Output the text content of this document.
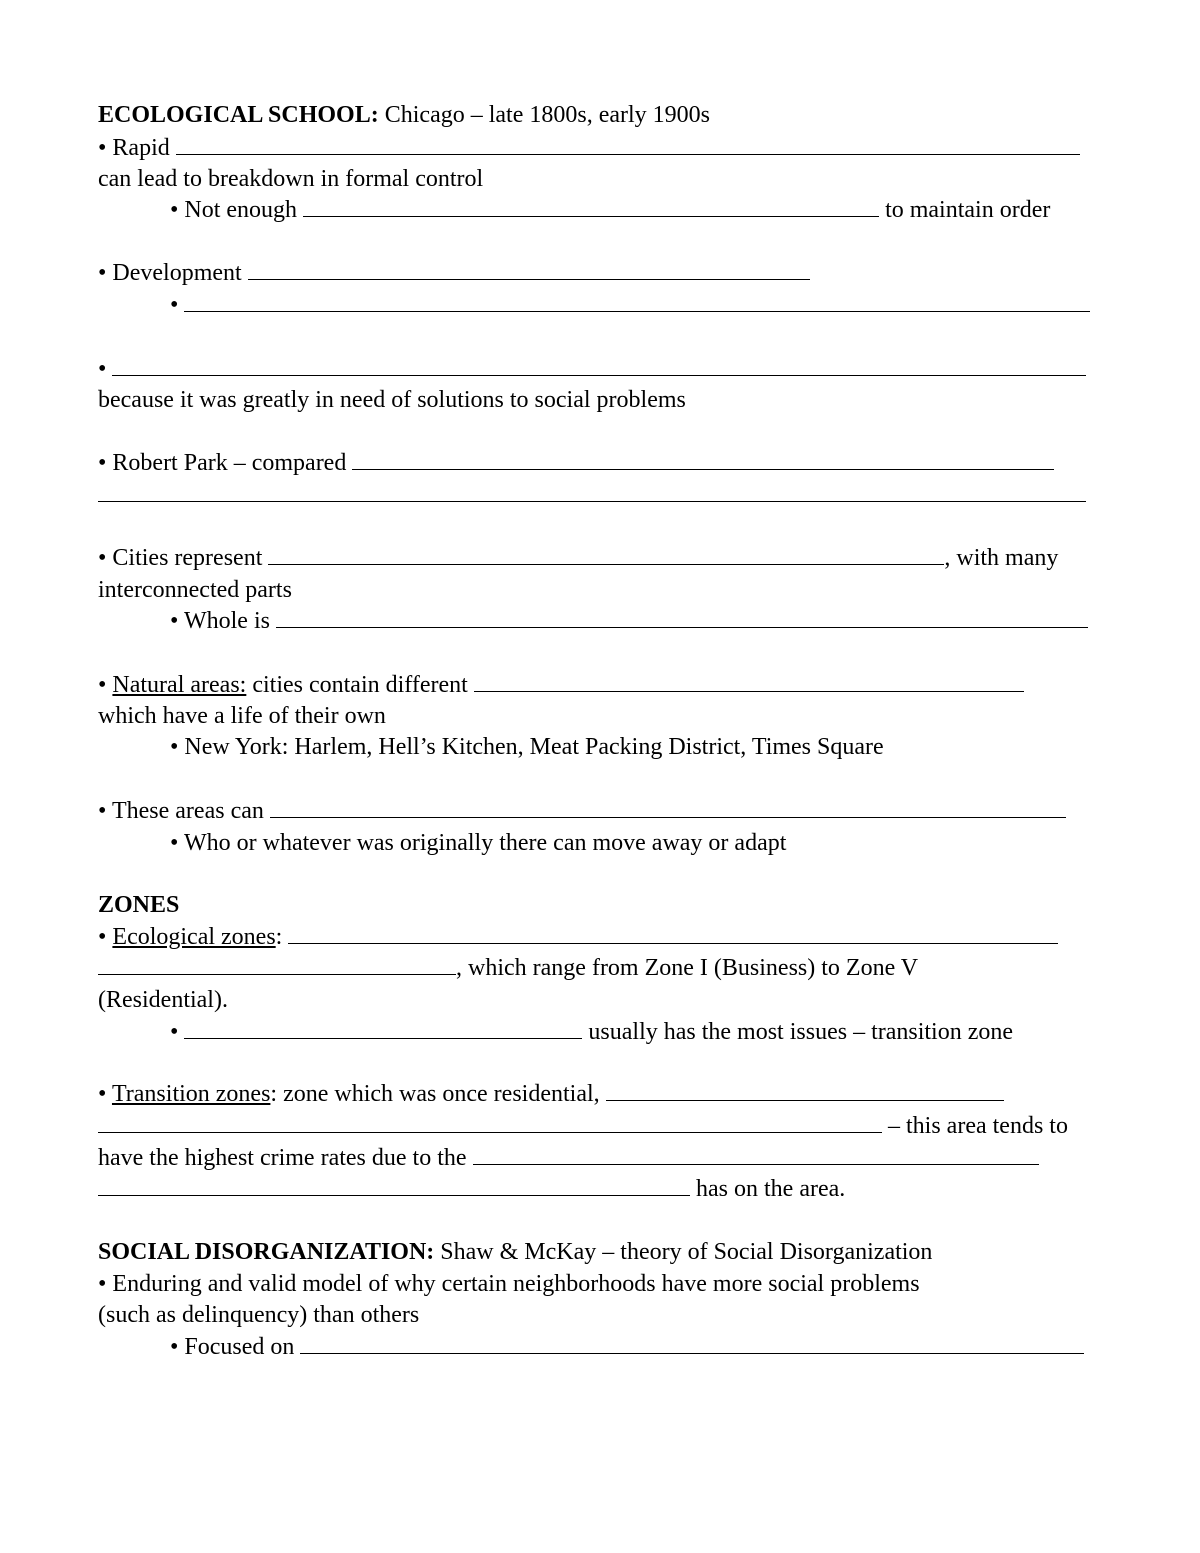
ECOLOGICAL SCHOOL: Chicago – late 1800s, early 1900s
• Rapid
can lead to breakdown in formal control
• Not enough	to maintain order
• Development
•
•
because it was greatly in need of solutions to social problems
• Robert Park – compared
• Cities represent	, with many
interconnected parts
• Whole is
• Natural areas: cities contain different
which have a life of their own
• New York: Harlem, Hell’s Kitchen, Meat Packing District, Times Square
• These areas can
• Who or whatever was originally there can move away or adapt
ZONES
• Ecological zones:
, which range from Zone I (Business) to Zone V
(Residential).
•	usually has the most issues – transition zone
• Transition zones: zone which was once residential,
– this area tends to
have the highest crime rates due to the
has on the area.
SOCIAL DISORGANIZATION: Shaw & McKay – theory of Social Disorganization
• Enduring and valid model of why certain neighborhoods have more social problems
(such as delinquency) than others
• Focused on
